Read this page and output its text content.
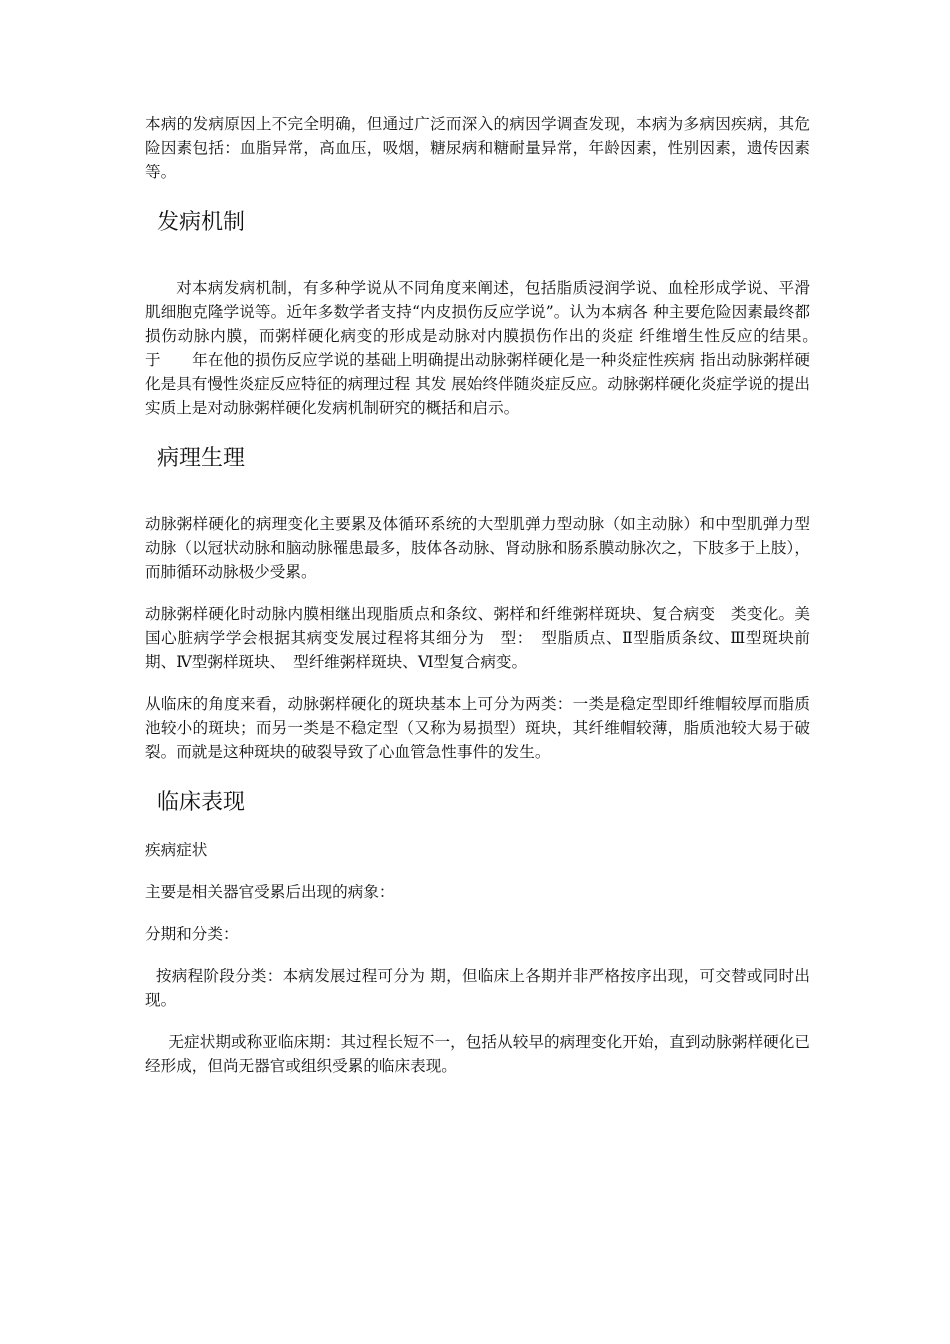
本病的发病原因上不完全明确，但通过广泛而深入的病因学调查发现，本病为多病因疾病，其危险因素包括：血脂异常，高血压，吸烟，糖尿病和糖耐量异常，年龄因素，性别因素，遗传因素等。

发病机制

对本病发病机制，有多种学说从不同角度来阐述，包括脂质浸润学说、血栓形成学说、平滑肌细胞克隆学说等。近年多数学者支持“内皮损伤反应学说”。认为本病各 种主要危险因素最终都损伤动脉内膜，而粥样硬化病变的形成是动脉对内膜损伤作出的炎症 纤维增生性反应的结果。　　　　于　　年在他的损伤反应学说的基础上明确提出动脉粥样硬化是一种炎症性疾病 指出动脉粥样硬化是具有慢性炎症反应特征的病理过程 其发 展始终伴随炎症反应。动脉粥样硬化炎症学说的提出 实质上是对动脉粥样硬化发病机制研究的概括和启示。

病理生理

动脉粥样硬化的病理变化主要累及体循环系统的大型肌弹力型动脉（如主动脉）和中型肌弹力型动脉（以冠状动脉和脑动脉罹患最多，肢体各动脉、肾动脉和肠系膜动脉次之，下肢多于上肢），而肺循环动脉极少受累。

动脉粥样硬化时动脉内膜相继出现脂质点和条纹、粥样和纤维粥样斑块、复合病变　类变化。美国心脏病学学会根据其病变发展过程将其细分为　型：　型脂质点、Ⅱ型脂质条纹、Ⅲ型斑块前期、Ⅳ型粥样斑块、　型纤维粥样斑块、Ⅵ型复合病变。

从临床的角度来看，动脉粥样硬化的斑块基本上可分为两类：一类是稳定型即纤维帽较厚而脂质池较小的斑块；而另一类是不稳定型（又称为易损型）斑块，其纤维帽较薄，脂质池较大易于破裂。而就是这种斑块的破裂导致了心血管急性事件的发生。

临床表现

疾病症状

主要是相关器官受累后出现的病象：

分期和分类：

按病程阶段分类：本病发展过程可分为 期，但临床上各期并非严格按序出现，可交替或同时出现。

无症状期或称亚临床期：其过程长短不一，包括从较早的病理变化开始，直到动脉粥样硬化已经形成，但尚无器官或组织受累的临床表现。
